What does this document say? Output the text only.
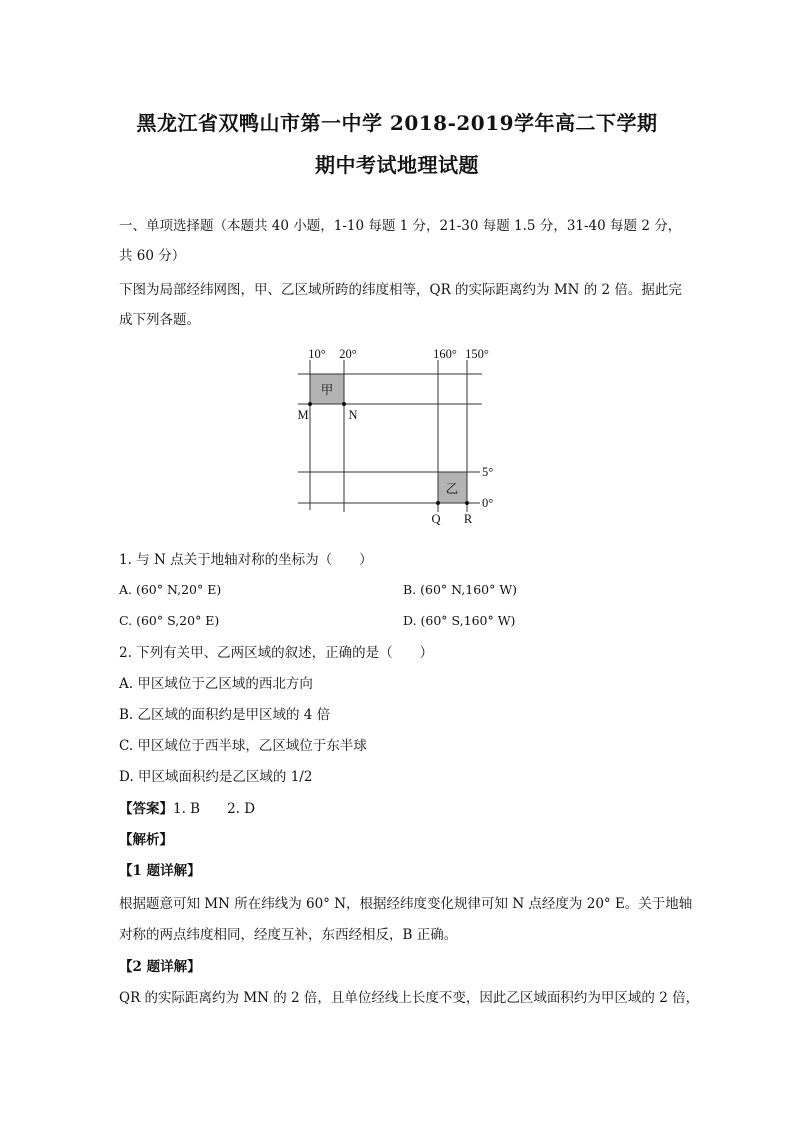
黑龙江省双鸭山市第一中学 2018-2019学年高二下学期
期中考试地理试题
一、单项选择题（本题共 40 小题，1-10 每题 1 分，21-30 每题 1.5 分，31-40 每题 2 分，
共 60 分）
下图为局部经纬网图，甲、乙区域所跨的纬度相等，QR 的实际距离约为 MN 的 2 倍。据此完
成下列各题。
甲
乙
10° 20°	160° 150°
5°
0°
M	N
Q R
1. 与 N 点关于地轴对称的坐标为（　　）
A. (60° N,20° E)	B. (60° N,160° W)
C. (60° S,20° E)	D. (60° S,160° W)
2. 下列有关甲、乙两区域的叙述，正确的是（　　）
A. 甲区域位于乙区域的西北方向
B. 乙区域的面积约是甲区域的 4 倍
C. 甲区域位于西半球，乙区域位于东半球
D. 甲区域面积约是乙区域的 1/2
【答案】1. B　　2. D
【解析】
【1 题详解】
根据题意可知 MN 所在纬线为 60° N，根据经纬度变化规律可知 N 点经度为 20° E。关于地轴
对称的两点纬度相同，经度互补，东西经相反，B 正确。
【2 题详解】
QR 的实际距离约为 MN 的 2 倍，且单位经线上长度不变，因此乙区域面积约为甲区域的 2 倍，
